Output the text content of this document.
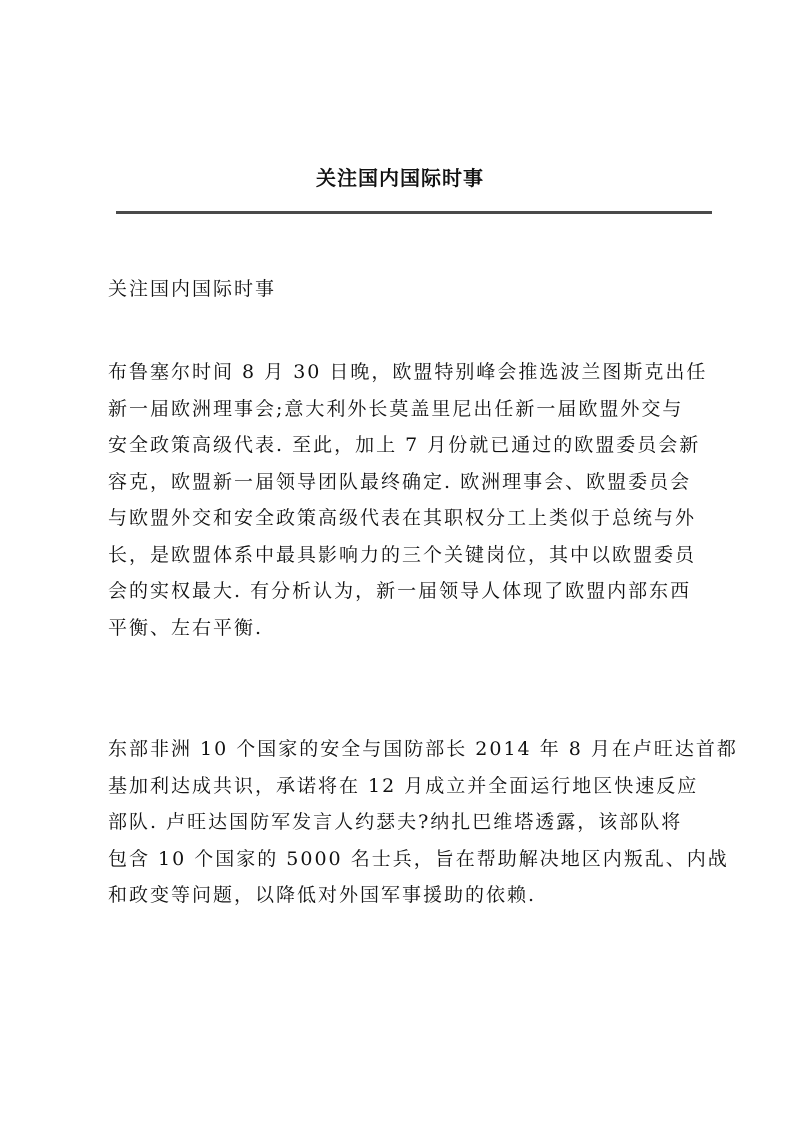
关注国内国际时事
关注国内国际时事
布鲁塞尔时间 8 月 30 日晚，欧盟特别峰会推选波兰图斯克出任
新一届欧洲理事会;意大利外长莫盖里尼出任新一届欧盟外交与
安全政策高级代表. 至此，加上 7 月份就已通过的欧盟委员会新
容克，欧盟新一届领导团队最终确定. 欧洲理事会、欧盟委员会
与欧盟外交和安全政策高级代表在其职权分工上类似于总统与外
长，是欧盟体系中最具影响力的三个关键岗位，其中以欧盟委员
会的实权最大. 有分析认为，新一届领导人体现了欧盟内部东西
平衡、左右平衡.
东部非洲 10 个国家的安全与国防部长 2014 年 8 月在卢旺达首都
基加利达成共识，承诺将在 12 月成立并全面运行地区快速反应
部队. 卢旺达国防军发言人约瑟夫?纳扎巴维塔透露，该部队将
包含 10 个国家的 5000 名士兵，旨在帮助解决地区内叛乱、内战
和政变等问题，以降低对外国军事援助的依赖.
